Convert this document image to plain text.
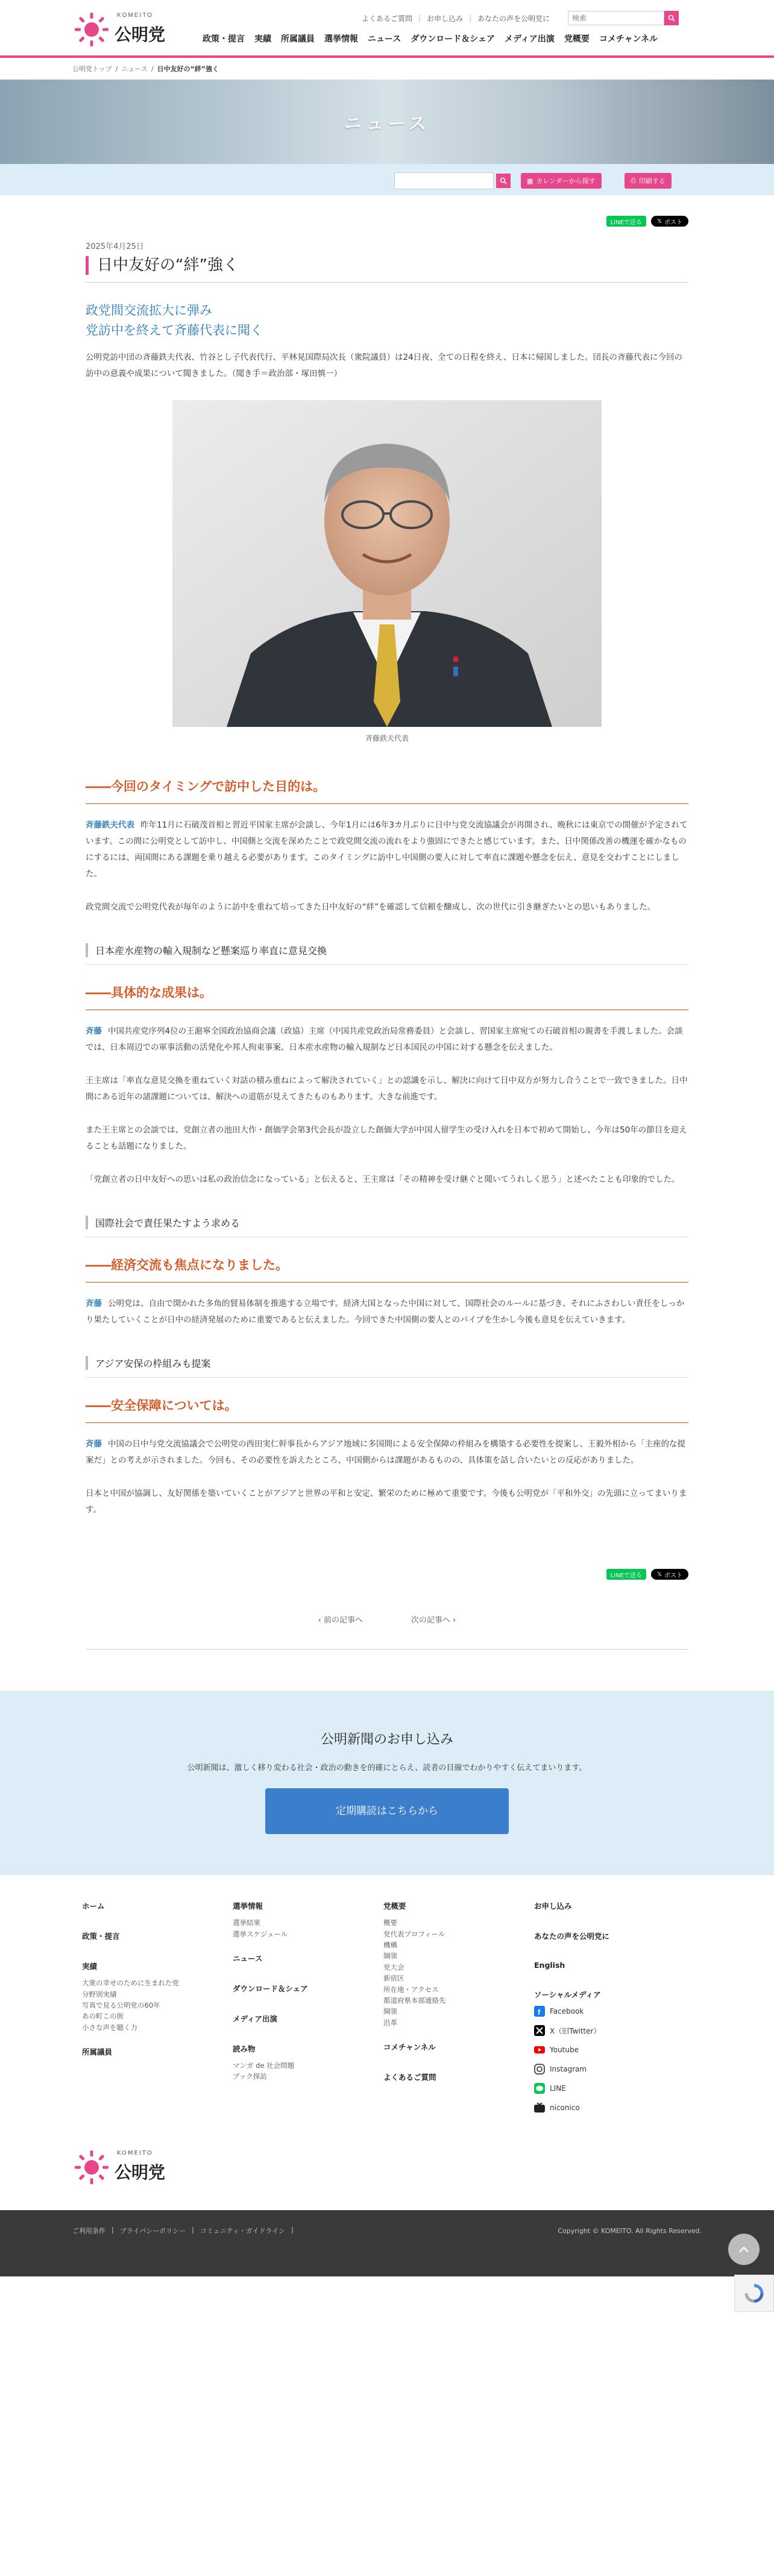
KOMEITO
公明党
よくあるご質問 | お申し込み | あなたの声を公明党に
検索
政策・提言 実績 所属議員 選挙情報 ニュース ダウンロード＆シェア メディア出演 党概要 コメチャンネル
公明党トップ / ニュース / 日中友好の“絆”強く
ニュース
▦ カレンダーから探す	⎙ 印刷する
LINEで送る	𝕏 ポスト
2025年4月25日
日中友好の“絆”強く
政党間交流拡大に弾み
党訪中を終えて斉藤代表に聞く

公明党訪中団の斉藤鉄夫代表、竹谷とし子代表代行、平林晃国際局次長（衆院議員）は24日夜、全ての日程を終え、日本に帰国しました。団長の斉藤代表に今回の訪中の意義や成果について聞きました。（聞き手＝政治部・塚田慎一）

斉藤鉄夫代表
――今回のタイミングで訪中した目的は。

斉藤鉄夫代表 昨年11月に石破茂首相と習近平国家主席が会談し、今年1月には6年3カ月ぶりに日中与党交流協議会が再開され、晩秋には東京での開催が予定されています。この間に公明党として訪中し、中国側と交流を深めたことで政党間交流の流れをより強固にできたと感じています。また、日中関係改善の機運を確かなものにするには、両国間にある課題を乗り越える必要があります。このタイミングに訪中し中国側の要人に対して率直に課題や懸念を伝え、意見を交わすことにしました。

政党間交流で公明党代表が毎年のように訪中を重ねて培ってきた日中友好の“絆”を確認して信頼を醸成し、次の世代に引き継ぎたいとの思いもありました。

日本産水産物の輸入規制など懸案巡り率直に意見交換
――具体的な成果は。

斉藤 中国共産党序列4位の王滬寧全国政治協商会議（政協）主席（中国共産党政治局常務委員）と会談し、習国家主席宛ての石破首相の親書を手渡しました。会談では、日本周辺での軍事活動の活発化や邦人拘束事案、日本産水産物の輸入規制など日本国民の中国に対する懸念を伝えました。

王主席は「率直な意見交換を重ねていく対話の積み重ねによって解決されていく」との認識を示し、解決に向けて日中双方が努力し合うことで一致できました。日中間にある近年の諸課題については、解決への道筋が見えてきたものもあります。大きな前進です。

また王主席との会談では、党創立者の池田大作・創価学会第3代会長が設立した創価大学が中国人留学生の受け入れを日本で初めて開始し、今年は50年の節目を迎えることも話題になりました。

「党創立者の日中友好への思いは私の政治信念になっている」と伝えると、王主席は「その精神を受け継ぐと聞いてうれしく思う」と述べたことも印象的でした。

国際社会で責任果たすよう求める
――経済交流も焦点になりました。

斉藤 公明党は、自由で開かれた多角的貿易体制を推進する立場です。経済大国となった中国に対して、国際社会のルールに基づき、それにふさわしい責任をしっかり果たしていくことが日中の経済発展のために重要であると伝えました。今回できた中国側の要人とのパイプを生かし今後も意見を伝えていきます。

アジア安保の枠組みも提案
――安全保障については。

斉藤 中国の日中与党交流協議会で公明党の西田実仁幹事長からアジア地域に多国間による安全保障の枠組みを構築する必要性を提案し、王毅外相から「主座的な提案だ」との考えが示されました。今回も、その必要性を訴えたところ、中国側からは課題があるものの、具体策を話し合いたいとの反応がありました。

日本と中国が協調し、友好関係を築いていくことがアジアと世界の平和と安定、繁栄のために極めて重要です。今後も公明党が「平和外交」の先頭に立ってまいります。

LINEで送る	𝕏 ポスト
‹ 前の記事へ	次の記事へ ›
公明新聞のお申し込み
公明新聞は、激しく移り変わる社会・政治の動きを的確にとらえ、読者の目線でわかりやすく伝えてまいります。
定期購読はこちらから
ホーム
政策・提言
実績
大衆の幸せのために生まれた党
分野別実績
写真で見る公明党の60年
あの町この街
小さな声を聴く力
所属議員
選挙情報
選挙結果
選挙スケジュール
ニュース
ダウンロード＆シェア
メディア出演
読み物
マンガ de 社会問題
ブック探訪
党概要
概要
党代表プロフィール
機構
綱領
党大会
新宿区
所在地・アクセス
都道府県本部連絡先
綱領
沿革
コメチャンネル
よくあるご質問
お申し込み
あなたの声を公明党に
English
ソーシャルメディア
f Facebook
X（旧Twitter）
Youtube
Instagram
LINE
niconico
KOMEITO
公明党
ご利用条件 | プライバシーポリシー | コミュニティ・ガイドライン |	Copyright © KOMEITO. All Rights Reserved.
